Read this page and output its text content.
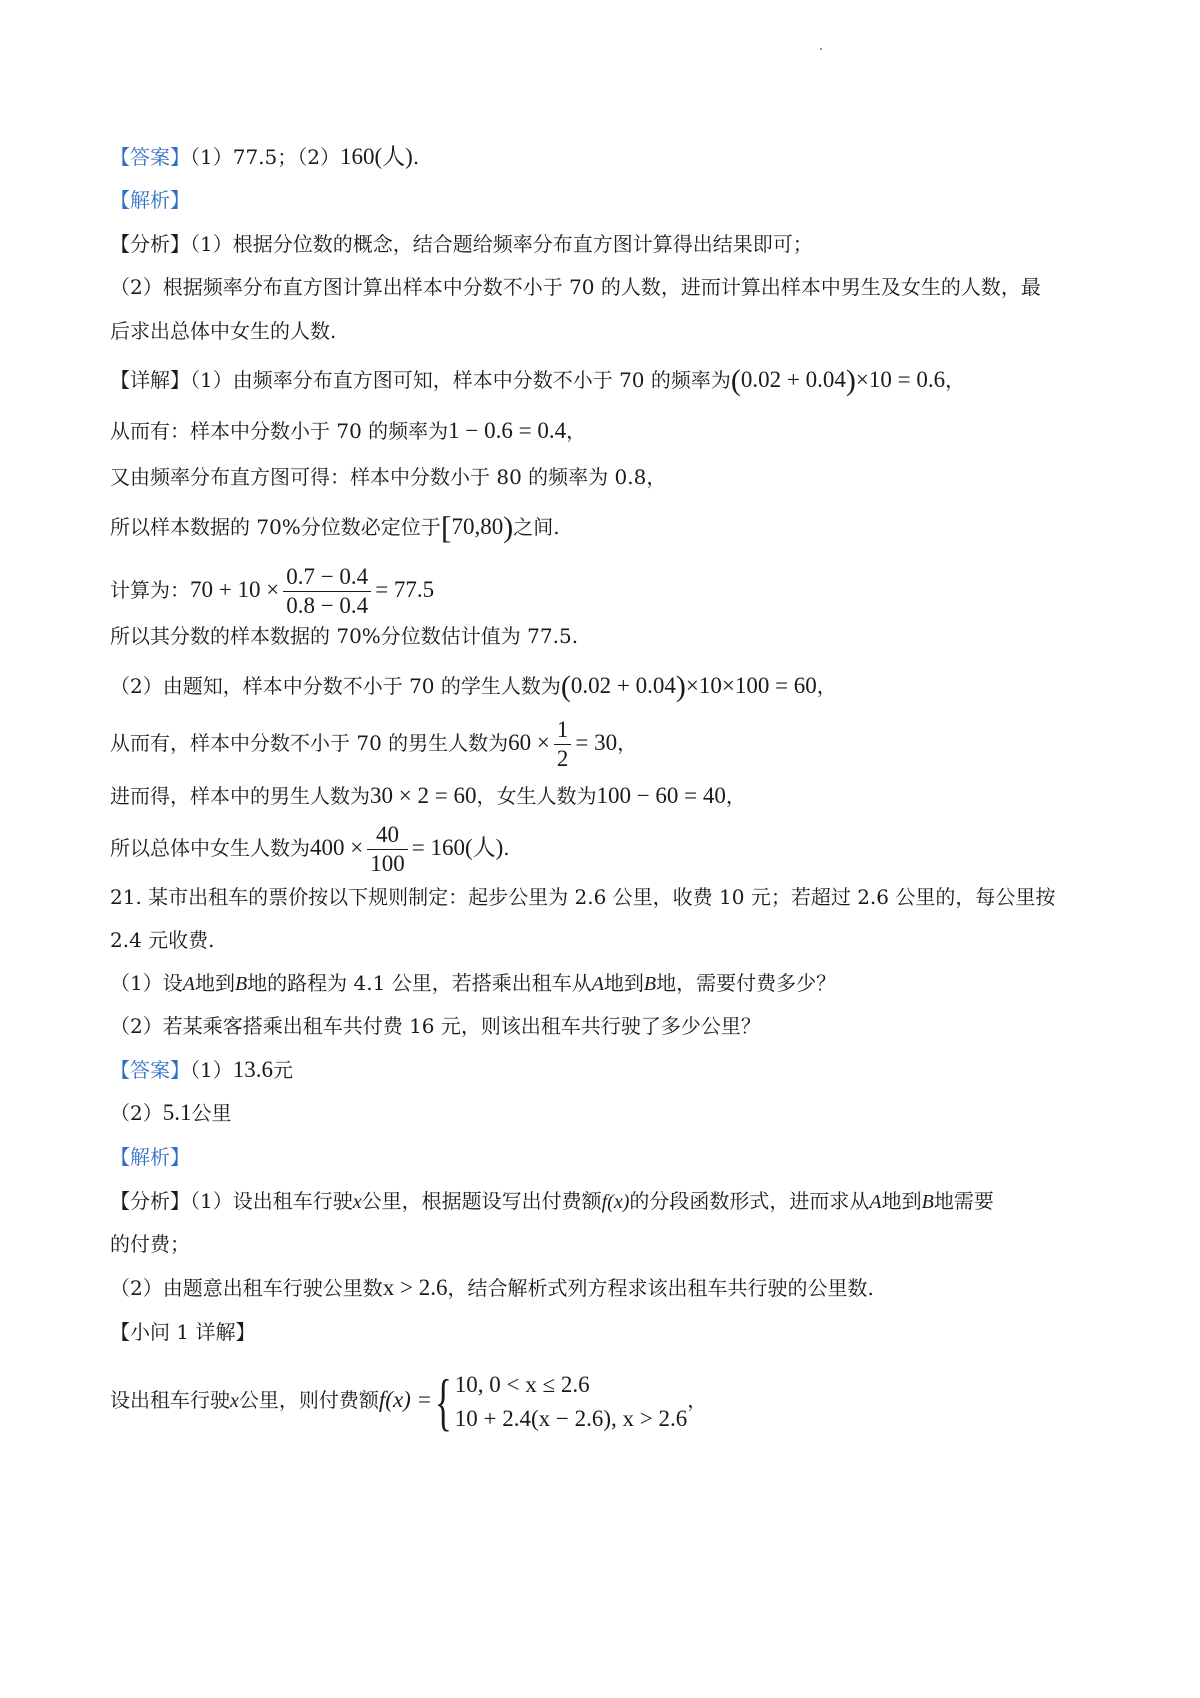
【答案】（1）77.5；（2）160(人).
【解析】
【分析】（1）根据分位数的概念，结合题给频率分布直方图计算得出结果即可；
（2）根据频率分布直方图计算出样本中分数不小于 70 的人数，进而计算出样本中男生及女生的人数，最
后求出总体中女生的人数.
【详解】（1）由频率分布直方图可知，样本中分数不小于 70 的频率为(0.02 + 0.04)×10 = 0.6，
从而有：样本中分数小于 70 的频率为1 − 0.6 = 0.4，
又由频率分布直方图可得：样本中分数小于 80 的频率为 0.8，
所以样本数据的 70%分位数必定位于[70,80)之间.
计算为：$70 + 10 \times \frac{0.7 - 0.4}{0.8 - 0.4} = 77.5$
所以其分数的样本数据的 70%分位数估计值为 77.5.
（2）由题知，样本中分数不小于 70 的学生人数为(0.02 + 0.04)×10×100 = 60，
从而有，样本中分数不小于 70 的男生人数为$60 \times \frac{1}{2} = 30$，
进而得，样本中的男生人数为30 × 2 = 60，女生人数为100 − 60 = 40，
所以总体中女生人数为$400 \times \frac{40}{100} = 160$(人).
21. 某市出租车的票价按以下规则制定：起步公里为 2.6 公里，收费 10 元；若超过 2.6 公里的，每公里按
2.4 元收费.
（1）设A地到B地的路程为 4.1 公里，若搭乘出租车从A地到B地，需要付费多少？
（2）若某乘客搭乘出租车共付费 16 元，则该出租车共行驶了多少公里？
【答案】（1）13.6元
（2）5.1公里
【解析】
【分析】（1）设出租车行驶x公里，根据题设写出付费额f(x)的分段函数形式，进而求从A地到B地需要
的付费；
（2）由题意出租车行驶公里数x > 2.6，结合解析式列方程求该出租车共行驶的公里数.
【小问 1 详解】
设出租车行驶x公里，则付费额f(x) ={ 10, 0 < x ≤ 2.6
10 + 2.4(x − 2.6), x > 2.6
，
